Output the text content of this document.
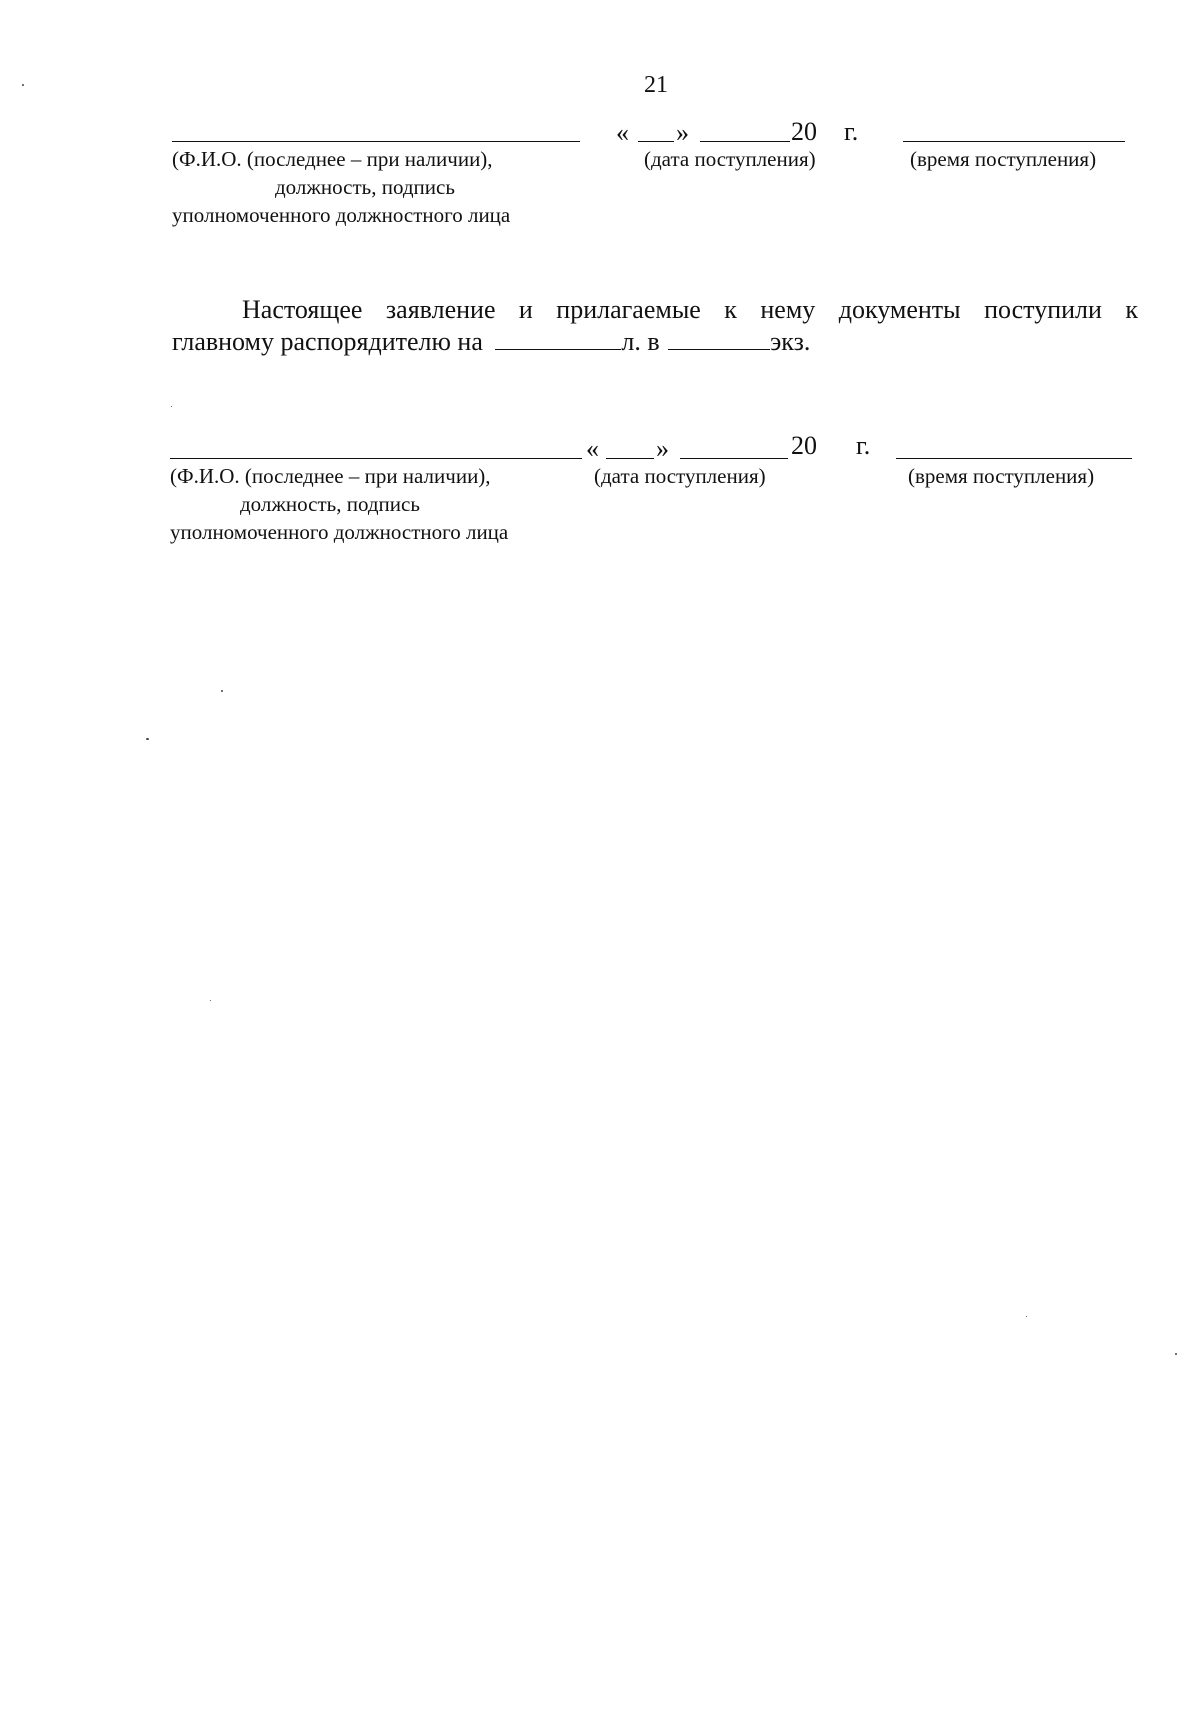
21
« »	20 г.
(Ф.И.О. (последнее – при наличии),
должность, подпись
уполномоченного должностного лица
(дата поступления)	(время поступления)
Настоящее заявление и прилагаемые к нему документы поступили к
главному распорядителю на	л. в	экз.
« »	20 г.
(Ф.И.О. (последнее – при наличии),
должность, подпись
уполномоченного должностного лица
(дата поступления)	(время поступления)
